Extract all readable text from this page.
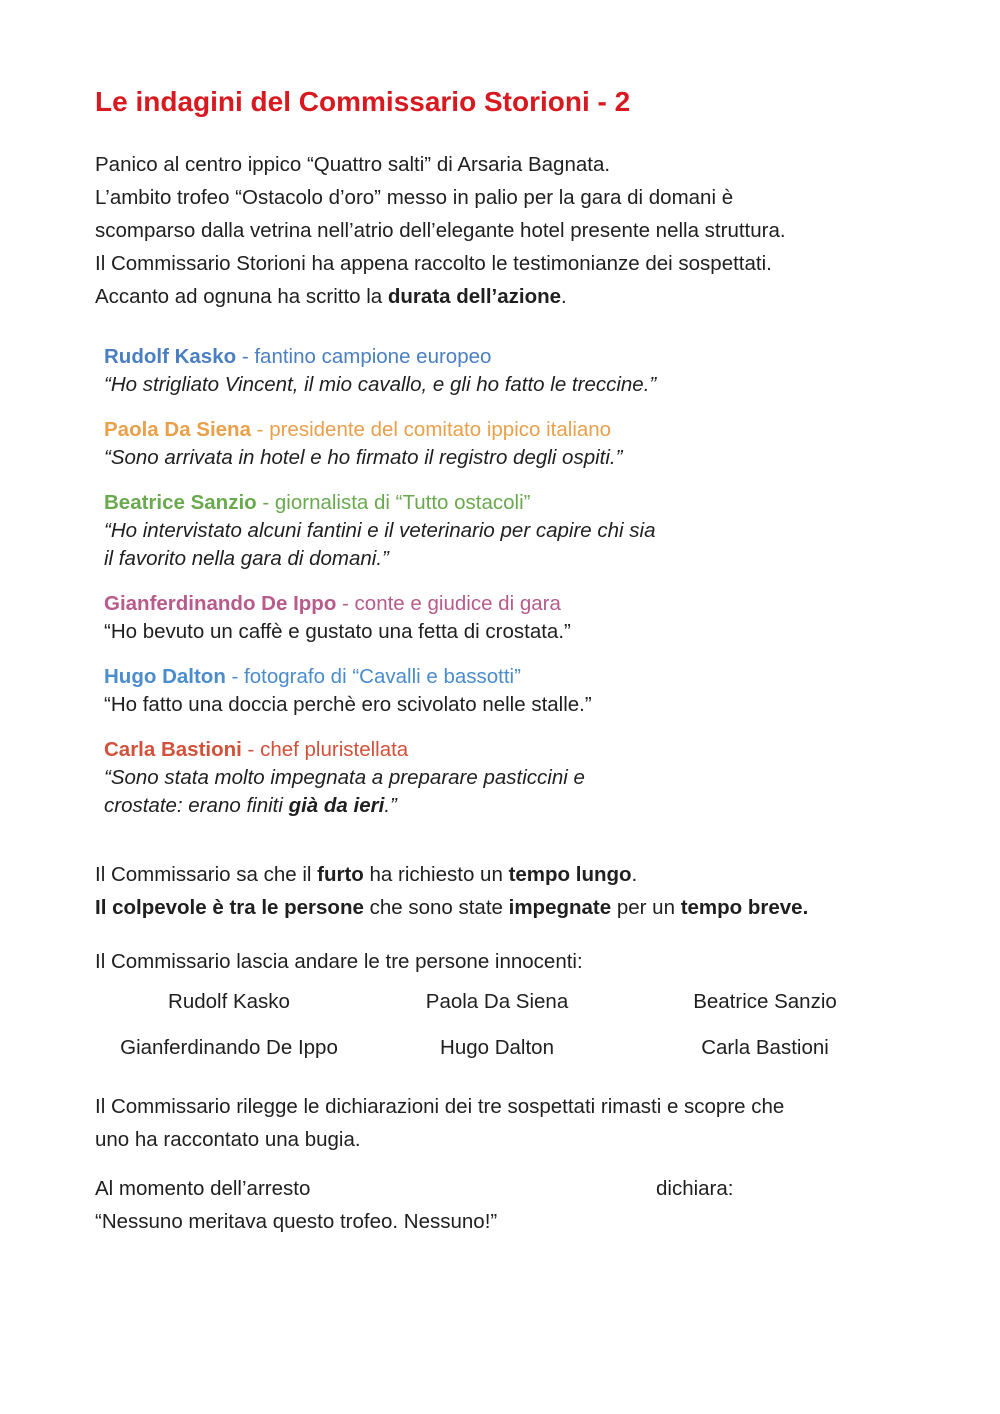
Le indagini del Commissario Storioni - 2
Panico al centro ippico “Quattro salti” di Arsaria Bagnata.
L’ambito trofeo “Ostacolo d’oro” messo in palio per la gara di domani è
scomparso dalla vetrina nell’atrio dell’elegante hotel presente nella struttura.
Il Commissario Storioni ha appena raccolto le testimonianze dei sospettati.
Accanto ad ognuna ha scritto la durata dell’azione.
Rudolf Kasko - fantino campione europeo
“Ho strigliato Vincent, il mio cavallo, e gli ho fatto le treccine.”
Paola Da Siena - presidente del comitato ippico italiano
“Sono arrivata in hotel e ho firmato il registro degli ospiti.”
Beatrice Sanzio - giornalista di “Tutto ostacoli”
“Ho intervistato alcuni fantini e il veterinario per capire chi sia
il favorito nella gara di domani.”
Gianferdinando De Ippo - conte e giudice di gara
“Ho bevuto un caffè e gustato una fetta di crostata.”
Hugo Dalton - fotografo di “Cavalli e bassotti”
“Ho fatto una doccia perchè ero scivolato nelle stalle.”
Carla Bastioni - chef pluristellata
“Sono stata molto impegnata a preparare pasticcini e
crostate: erano finiti già da ieri.”
Il Commissario sa che il furto ha richiesto un tempo lungo.
Il colpevole è tra le persone che sono state impegnate per un tempo breve.
Il Commissario lascia andare le tre persone innocenti:
Rudolf Kasko	Paola Da Siena	Beatrice Sanzio
Gianferdinando De Ippo	Hugo Dalton	Carla Bastioni
Il Commissario rilegge le dichiarazioni dei tre sospettati rimasti e scopre che
uno ha raccontato una bugia.
Al momento dell’arresto	dichiara:
“Nessuno meritava questo trofeo. Nessuno!”
